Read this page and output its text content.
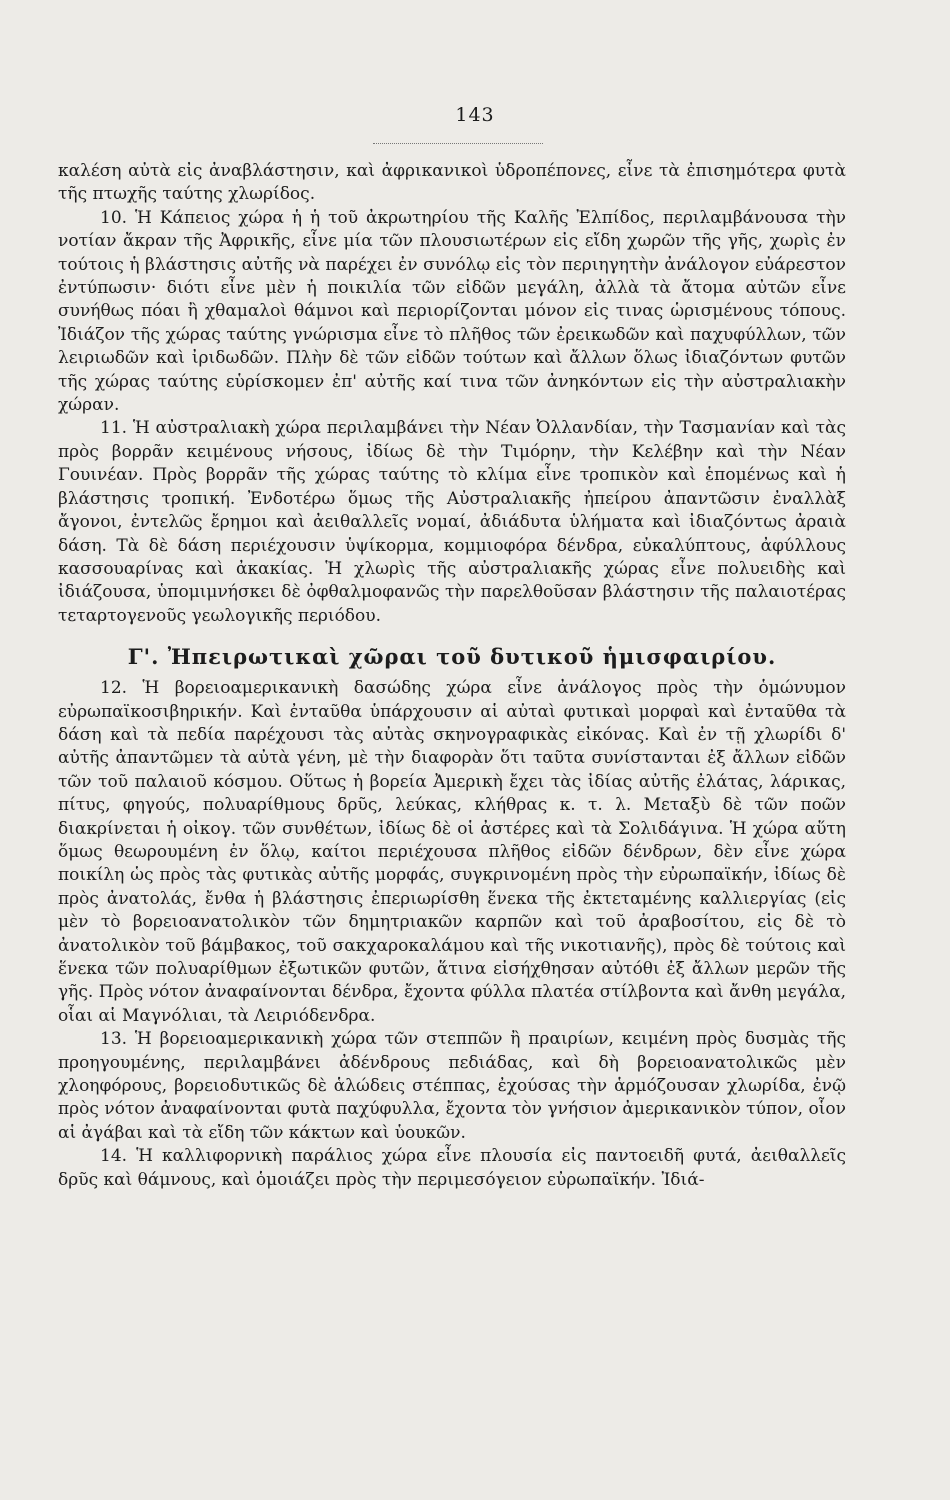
143

καλέση αὐτὰ εἰς ἀναβλάστησιν, καὶ ἀφρικανικοὶ ὑδροπέπονες, εἶνε τὰ ἐπισημότερα φυτὰ τῆς πτωχῆς ταύτης χλωρίδος.

10. Ἡ Κάπειος χώρα ἡ ἡ τοῦ ἀκρωτηρίου τῆς Καλῆς Ἐλπίδος, περιλαμβάνουσα τὴν νοτίαν ἄκραν τῆς Ἀφρικῆς, εἶνε μία τῶν πλουσιωτέρων εἰς εἴδη χωρῶν τῆς γῆς, χωρὶς ἐν τούτοις ἡ βλάστησις αὐτῆς νὰ παρέχει ἐν συνόλῳ εἰς τὸν περιηγητὴν ἀνάλογον εὐάρεστον ἐντύπωσιν· διότι εἶνε μὲν ἡ ποικιλία τῶν εἰδῶν μεγάλη, ἀλλὰ τὰ ἄτομα αὐτῶν εἶνε συνήθως πόαι ἢ χθαμαλοὶ θάμνοι καὶ περιορίζονται μόνον εἰς τινας ὡρισμένους τόπους. Ἰδιάζον τῆς χώρας ταύτης γνώρισμα εἶνε τὸ πλῆθος τῶν ἐρεικωδῶν καὶ παχυφύλλων, τῶν λειριωδῶν καὶ ἰριδωδῶν. Πλὴν δὲ τῶν εἰδῶν τούτων καὶ ἄλλων ὅλως ἰδιαζόντων φυτῶν τῆς χώρας ταύτης εὑρίσκομεν ἐπ' αὐτῆς καί τινα τῶν ἀνηκόντων εἰς τὴν αὐστραλιακὴν χώραν.

11. Ἡ αὐστραλιακὴ χώρα περιλαμβάνει τὴν Νέαν Ὀλλανδίαν, τὴν Τασμανίαν καὶ τὰς πρὸς βορρᾶν κειμένους νήσους, ἰδίως δὲ τὴν Τιμόρην, τὴν Κελέβην καὶ τὴν Νέαν Γουινέαν. Πρὸς βορρᾶν τῆς χώρας ταύτης τὸ κλίμα εἶνε τροπικὸν καὶ ἑπομένως καὶ ἡ βλάστησις τροπική. Ἐνδοτέρω ὅμως τῆς Αὐστραλιακῆς ἠπείρου ἀπαντῶσιν ἐναλλὰξ ἄγονοι, ἐντελῶς ἔρημοι καὶ ἀειθαλλεῖς νομαί, ἀδιάδυτα ὑλήματα καὶ ἰδιαζόντως ἀραιὰ δάση. Τὰ δὲ δάση περιέχουσιν ὑψίκορμα, κομμιοφόρα δένδρα, εὐκαλύπτους, ἀφύλλους κασσουαρίνας καὶ ἀκακίας. Ἡ χλωρὶς τῆς αὐστραλιακῆς χώρας εἶνε πολυειδὴς καὶ ἰδιάζουσα, ὑπομιμνήσκει δὲ ὀφθαλμοφανῶς τὴν παρελθοῦσαν βλάστησιν τῆς παλαιοτέρας τεταρτογενοῦς γεωλογικῆς περιόδου.

Γ'. Ἠπειρωτικαὶ χῶραι τοῦ δυτικοῦ ἡμισφαιρίου.

12. Ἡ βορειοαμερικανικὴ δασώδης χώρα εἶνε ἀνάλογος πρὸς τὴν ὁμώνυμον εὐρωπαϊκοσιβηρικήν. Καὶ ἐνταῦθα ὑπάρχουσιν αἱ αὐταὶ φυτικαὶ μορφαὶ καὶ ἐνταῦθα τὰ δάση καὶ τὰ πεδία παρέχουσι τὰς αὐτὰς σκηνογραφικὰς εἰκόνας. Καὶ ἐν τῇ χλωρίδι δ' αὐτῆς ἀπαντῶμεν τὰ αὐτὰ γένη, μὲ τὴν διαφορὰν ὅτι ταῦτα συνίστανται ἐξ ἄλλων εἰδῶν τῶν τοῦ παλαιοῦ κόσμου. Οὕτως ἡ βορεία Ἀμερικὴ ἔχει τὰς ἰδίας αὐτῆς ἐλάτας, λάρικας, πίτυς, φηγούς, πολυαρίθμους δρῦς, λεύκας, κλήθρας κ. τ. λ. Μεταξὺ δὲ τῶν ποῶν διακρίνεται ἡ οἰκογ. τῶν συνθέτων, ἰδίως δὲ οἱ ἀστέρες καὶ τὰ Σολιδάγινα. Ἡ χώρα αὕτη ὅμως θεωρουμένη ἐν ὅλῳ, καίτοι περιέχουσα πλῆθος εἰδῶν δένδρων, δὲν εἶνε χώρα ποικίλη ὡς πρὸς τὰς φυτικὰς αὐτῆς μορφάς, συγκρινομένη πρὸς τὴν εὐρωπαϊκήν, ἰδίως δὲ πρὸς ἀνατολάς, ἔνθα ἡ βλάστησις ἐπεριωρίσθη ἕνεκα τῆς ἐκτεταμένης καλλιεργίας (εἰς μὲν τὸ βορειοανατολικὸν τῶν δημητριακῶν καρπῶν καὶ τοῦ ἀραβοσίτου, εἰς δὲ τὸ ἀνατολικὸν τοῦ βάμβακος, τοῦ σακχαροκαλάμου καὶ τῆς νικοτιανῆς), πρὸς δὲ τούτοις καὶ ἕνεκα τῶν πολυαρίθμων ἐξωτικῶν φυτῶν, ἅτινα εἰσήχθησαν αὐτόθι ἐξ ἄλλων μερῶν τῆς γῆς. Πρὸς νότον ἀναφαίνονται δένδρα, ἔχοντα φύλλα πλατέα στίλβοντα καὶ ἄνθη μεγάλα, οἷαι αἱ Μαγνόλιαι, τὰ Λειριόδενδρα.

13. Ἡ βορειοαμερικανικὴ χώρα τῶν στεππῶν ἢ πραιρίων, κειμένη πρὸς δυσμὰς τῆς προηγουμένης, περιλαμβάνει ἀδένδρους πεδιάδας, καὶ δὴ βορειοανατολικῶς μὲν χλοηφόρους, βορειοδυτικῶς δὲ ἁλώδεις στέππας, ἐχούσας τὴν ἁρμόζουσαν χλωρίδα, ἐνῷ πρὸς νότον ἀναφαίνονται φυτὰ παχύφυλλα, ἔχοντα τὸν γνήσιον ἀμερικανικὸν τύπον, οἷον αἱ ἀγάβαι καὶ τὰ εἴδη τῶν κάκτων καὶ ὑουκῶν.

14. Ἡ καλλιφορνικὴ παράλιος χώρα εἶνε πλουσία εἰς παντοειδῆ φυτά, ἀειθαλλεῖς δρῦς καὶ θάμνους, καὶ ὁμοιάζει πρὸς τὴν περιμεσόγειον εὐρωπαϊκήν. Ἰδιά-
